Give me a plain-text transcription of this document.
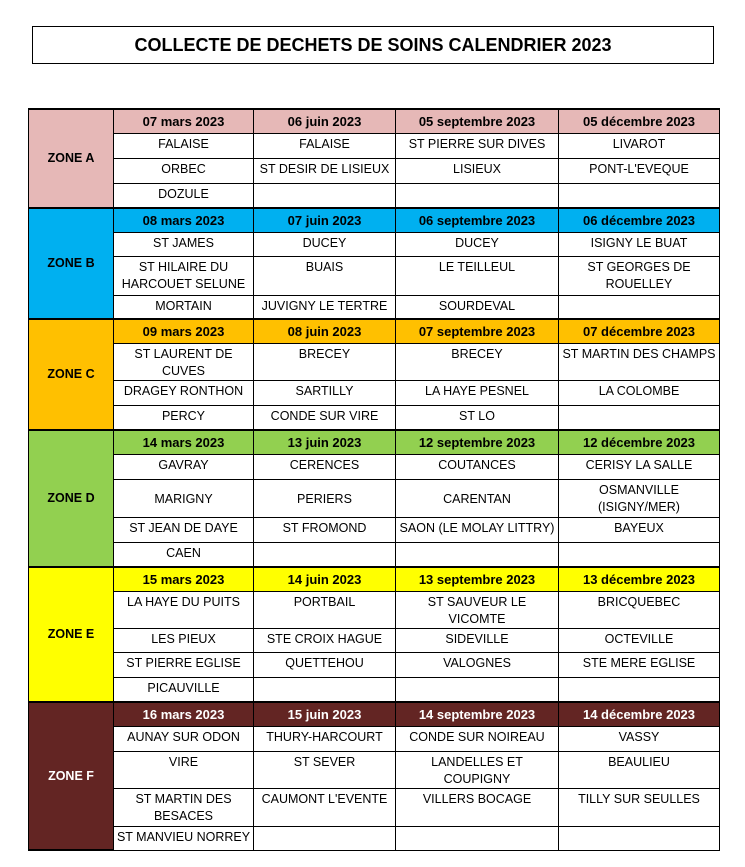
COLLECTE DE DECHETS DE SOINS CALENDRIER 2023
ZONE A	07 mars 2023	06 juin 2023	05 septembre 2023	05 décembre 2023
	FALAISE	FALAISE	ST PIERRE SUR DIVES	LIVAROT
	ORBEC	ST DESIR DE LISIEUX	LISIEUX	PONT-L'EVEQUE
	DOZULE			
ZONE B	08 mars 2023	07 juin 2023	06 septembre 2023	06 décembre 2023
	ST JAMES	DUCEY	DUCEY	ISIGNY LE BUAT
	ST HILAIRE DU HARCOUET SELUNE	BUAIS	LE TEILLEUL	ST GEORGES DE ROUELLEY
	MORTAIN	JUVIGNY LE TERTRE	SOURDEVAL	
ZONE C	09 mars 2023	08 juin 2023	07 septembre 2023	07 décembre 2023
	ST LAURENT DE CUVES	BRECEY	BRECEY	ST MARTIN DES CHAMPS
	DRAGEY RONTHON	SARTILLY	LA HAYE PESNEL	LA COLOMBE
	PERCY	CONDE SUR VIRE	ST LO	
ZONE D	14 mars 2023	13 juin 2023	12 septembre 2023	12 décembre 2023
	GAVRAY	CERENCES	COUTANCES	CERISY LA SALLE
	MARIGNY	PERIERS	CARENTAN	OSMANVILLE (ISIGNY/MER)
	ST JEAN DE DAYE	ST FROMOND	SAON (LE MOLAY LITTRY)	BAYEUX
	CAEN			
ZONE E	15 mars 2023	14 juin 2023	13 septembre 2023	13 décembre 2023
	LA HAYE DU PUITS	PORTBAIL	ST SAUVEUR LE VICOMTE	BRICQUEBEC
	LES PIEUX	STE CROIX HAGUE	SIDEVILLE	OCTEVILLE
	ST PIERRE EGLISE	QUETTEHOU	VALOGNES	STE MERE EGLISE
	PICAUVILLE			
ZONE F	16 mars 2023	15 juin 2023	14 septembre 2023	14 décembre 2023
	AUNAY SUR ODON	THURY-HARCOURT	CONDE SUR NOIREAU	VASSY
	VIRE	ST SEVER	LANDELLES ET COUPIGNY	BEAULIEU
	ST MARTIN DES BESACES	CAUMONT L'EVENTE	VILLERS BOCAGE	TILLY SUR SEULLES
	ST MANVIEU NORREY			
